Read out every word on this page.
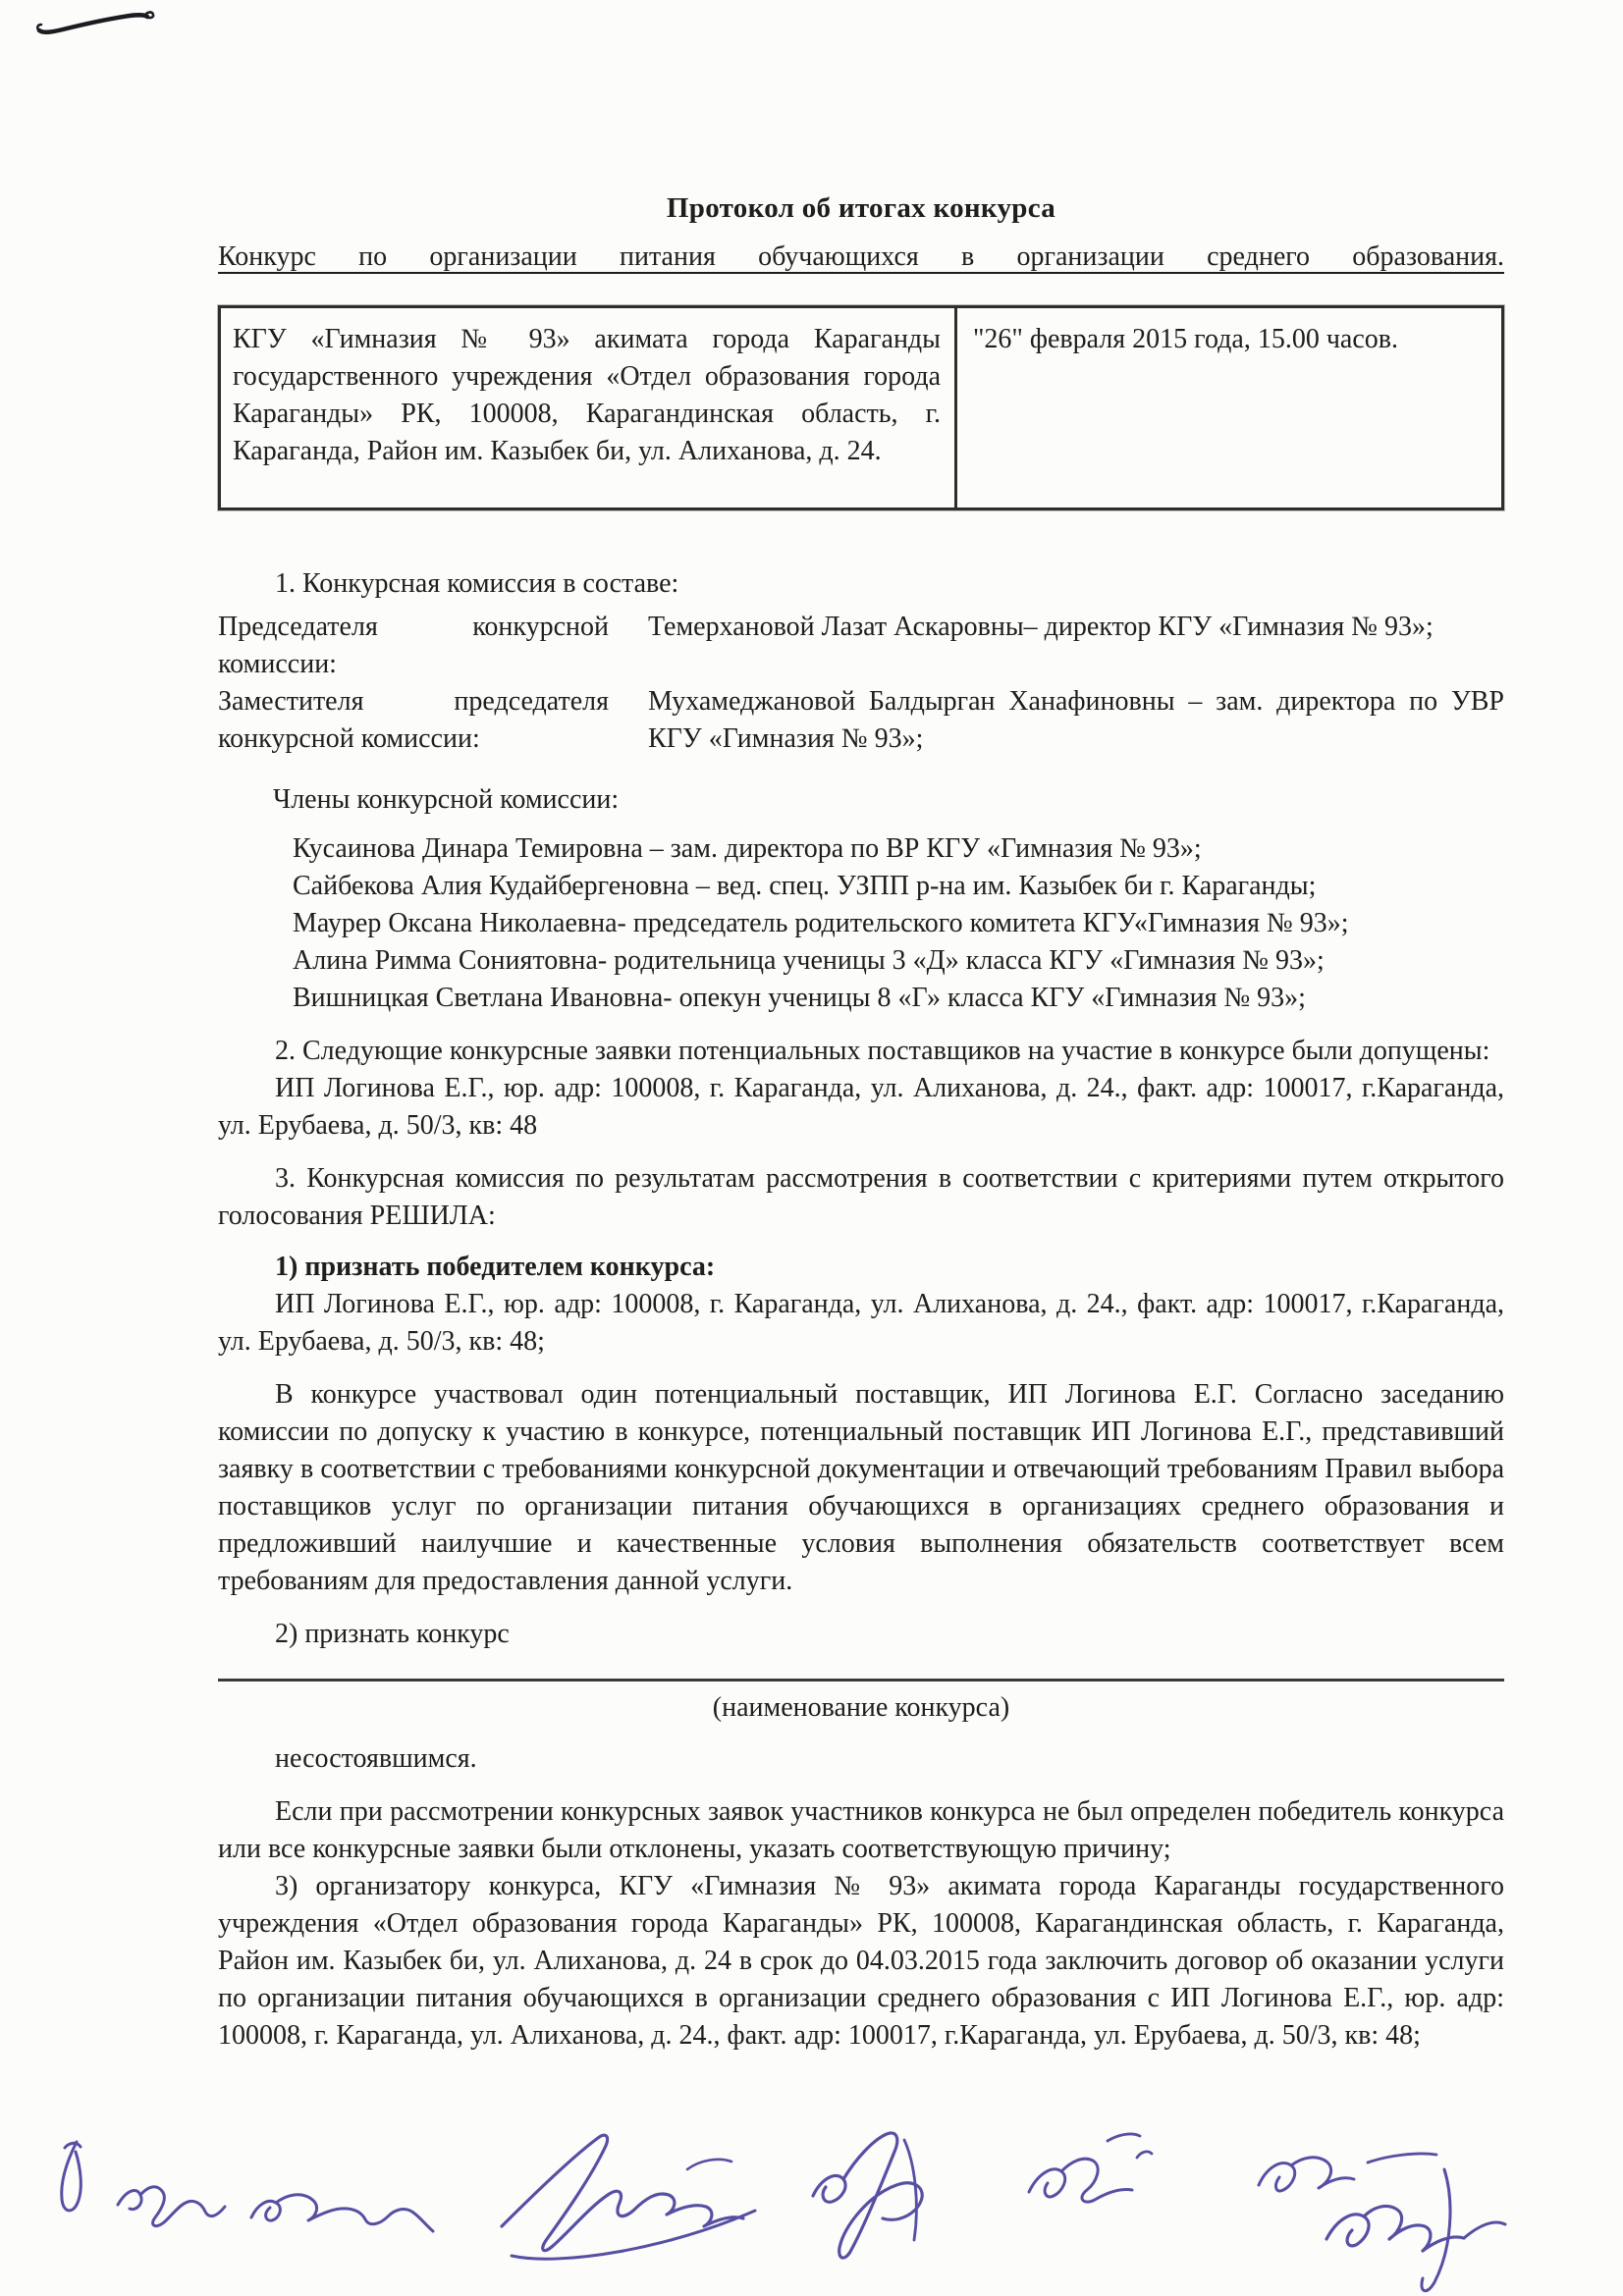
Протокол об итогах конкурса
Конкурс по организации питания обучающихся в организации среднего образования.
КГУ «Гимназия № 93» акимата города Караганды государственного учреждения «Отдел образования города Караганды» РК, 100008, Карагандинская область, г. Караганда, Район им. Казыбек би, ул. Алиханова, д. 24.
"26" февраля 2015 года, 15.00 часов.

1. Конкурсная комиссия в составе:

Председателя конкурсной комиссии:
Темерхановой Лазат Аскаровны– директор КГУ «Гимназия № 93»;
Заместителя председателя конкурсной комиссии:
Мухамеджановой Балдырган Ханафиновны – зам. директора по УВР КГУ «Гимназия № 93»;

Члены конкурсной комиссии:

Кусаинова Динара Темировна – зам. директора по ВР КГУ «Гимназия № 93»;
Сайбекова Алия Кудайбергеновна – вед. спец. УЗПП р-на им. Казыбек би г. Караганды;
Маурер Оксана Николаевна- председатель родительского комитета КГУ«Гимназия № 93»;
Алина Римма Сониятовна- родительница ученицы 3 «Д» класса КГУ «Гимназия № 93»;
Вишницкая Светлана Ивановна- опекун ученицы 8 «Г» класса КГУ «Гимназия № 93»;

2. Следующие конкурсные заявки потенциальных поставщиков на участие в конкурсе были допущены:

ИП Логинова Е.Г., юр. адр: 100008, г. Караганда, ул. Алиханова, д. 24., факт. адр: 100017, г.Караганда, ул. Ерубаева, д. 50/3, кв: 48

3. Конкурсная комиссия по результатам рассмотрения в соответствии с критериями путем открытого голосования РЕШИЛА:

1) признать победителем конкурса:

ИП Логинова Е.Г., юр. адр: 100008, г. Караганда, ул. Алиханова, д. 24., факт. адр: 100017, г.Караганда, ул. Ерубаева, д. 50/3, кв: 48;

В конкурсе участвовал один потенциальный поставщик, ИП Логинова Е.Г. Согласно заседанию комиссии по допуску к участию в конкурсе, потенциальный поставщик ИП Логинова Е.Г., представивший заявку в соответствии с требованиями конкурсной документации и отвечающий требованиям Правил выбора поставщиков услуг по организации питания обучающихся в организациях среднего образования и предложивший наилучшие и качественные условия выполнения обязательств соответствует всем требованиям для предоставления данной услуги.

2) признать конкурс

(наименование конкурса)

несостоявшимся.

Если при рассмотрении конкурсных заявок участников конкурса не был определен победитель конкурса или все конкурсные заявки были отклонены, указать соответствующую причину;

3) организатору конкурса, КГУ «Гимназия № 93» акимата города Караганды государственного учреждения «Отдел образования города Караганды» РК, 100008, Карагандинская область, г. Караганда, Район им. Казыбек би, ул. Алиханова, д. 24 в срок до 04.03.2015 года заключить договор об оказании услуги по организации питания обучающихся в организации среднего образования с ИП Логинова Е.Г., юр. адр: 100008, г. Караганда, ул. Алиханова, д. 24., факт. адр: 100017, г.Караганда, ул. Ерубаева, д. 50/3, кв: 48;
